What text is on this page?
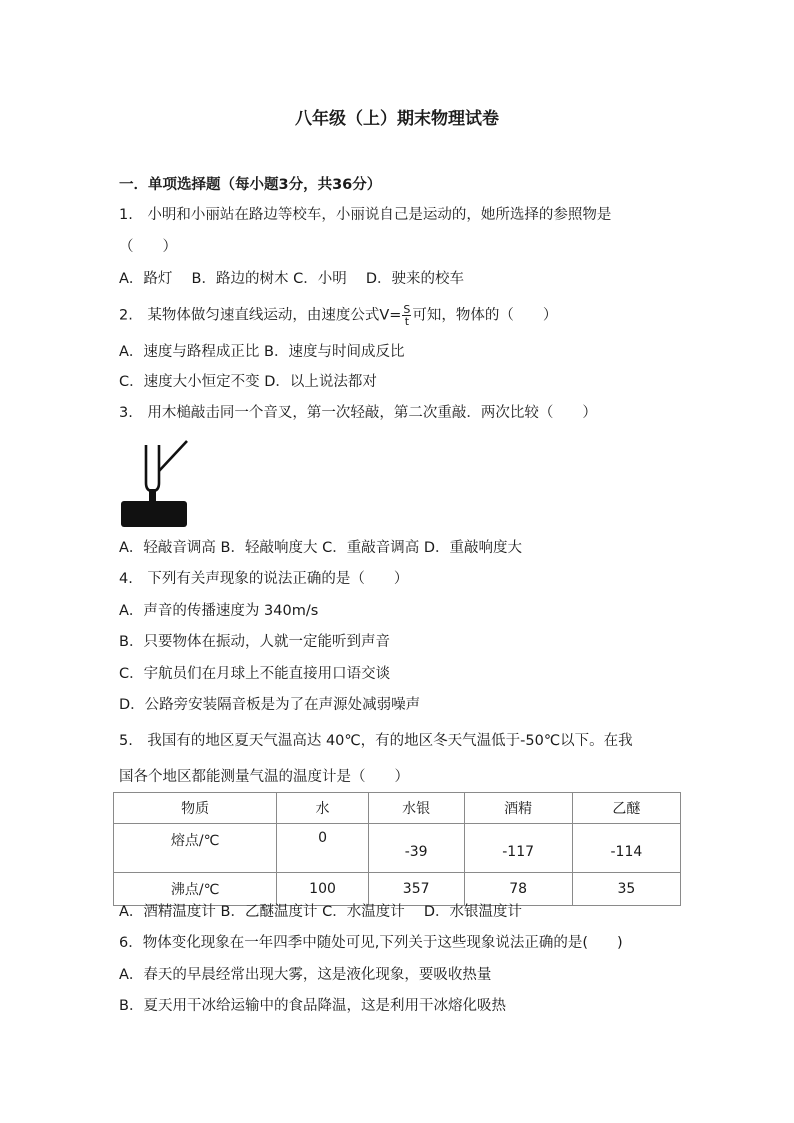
八年级（上）期末物理试卷
一．单项选择题（每小题3分，共36分）
1.　小明和小丽站在路边等校车，小丽说自己是运动的，她所选择的参照物是
（　　）
A．路灯　 B．路边的树木 C．小明　 D．驶来的校车
2.　某物体做匀速直线运动，由速度公式$V= \frac{S}{t}$ 可知，物体的（　　）
A．速度与路程成正比 B．速度与时间成反比
C．速度大小恒定不变 D．以上说法都对
3.　用木槌敲击同一个音叉，第一次轻敲，第二次重敲．两次比较（　　）
A．轻敲音调高 B．轻敲响度大 C．重敲音调高 D．重敲响度大
4.　下列有关声现象的说法正确的是（　　）
A．声音的传播速度为 340m/s
B．只要物体在振动，人就一定能听到声音
C．宇航员们在月球上不能直接用口语交谈
D．公路旁安装隔音板是为了在声源处减弱噪声
5.　我国有的地区夏天气温高达 40℃，有的地区冬天气温低于-50℃以下。在我
国各个地区都能测量气温的温度计是（　　）
物质	水	水银	酒精	乙醚
熔点/℃	0	-39	-117	-114
沸点/℃	100	357	78	35
A．酒精温度计 B．乙醚温度计 C．水温度计　 D．水银温度计
6．物体变化现象在一年四季中随处可见,下列关于这些现象说法正确的是(　　)
A．春天的早晨经常出现大雾，这是液化现象，要吸收热量
B．夏天用干冰给运输中的食品降温，这是利用干冰熔化吸热
